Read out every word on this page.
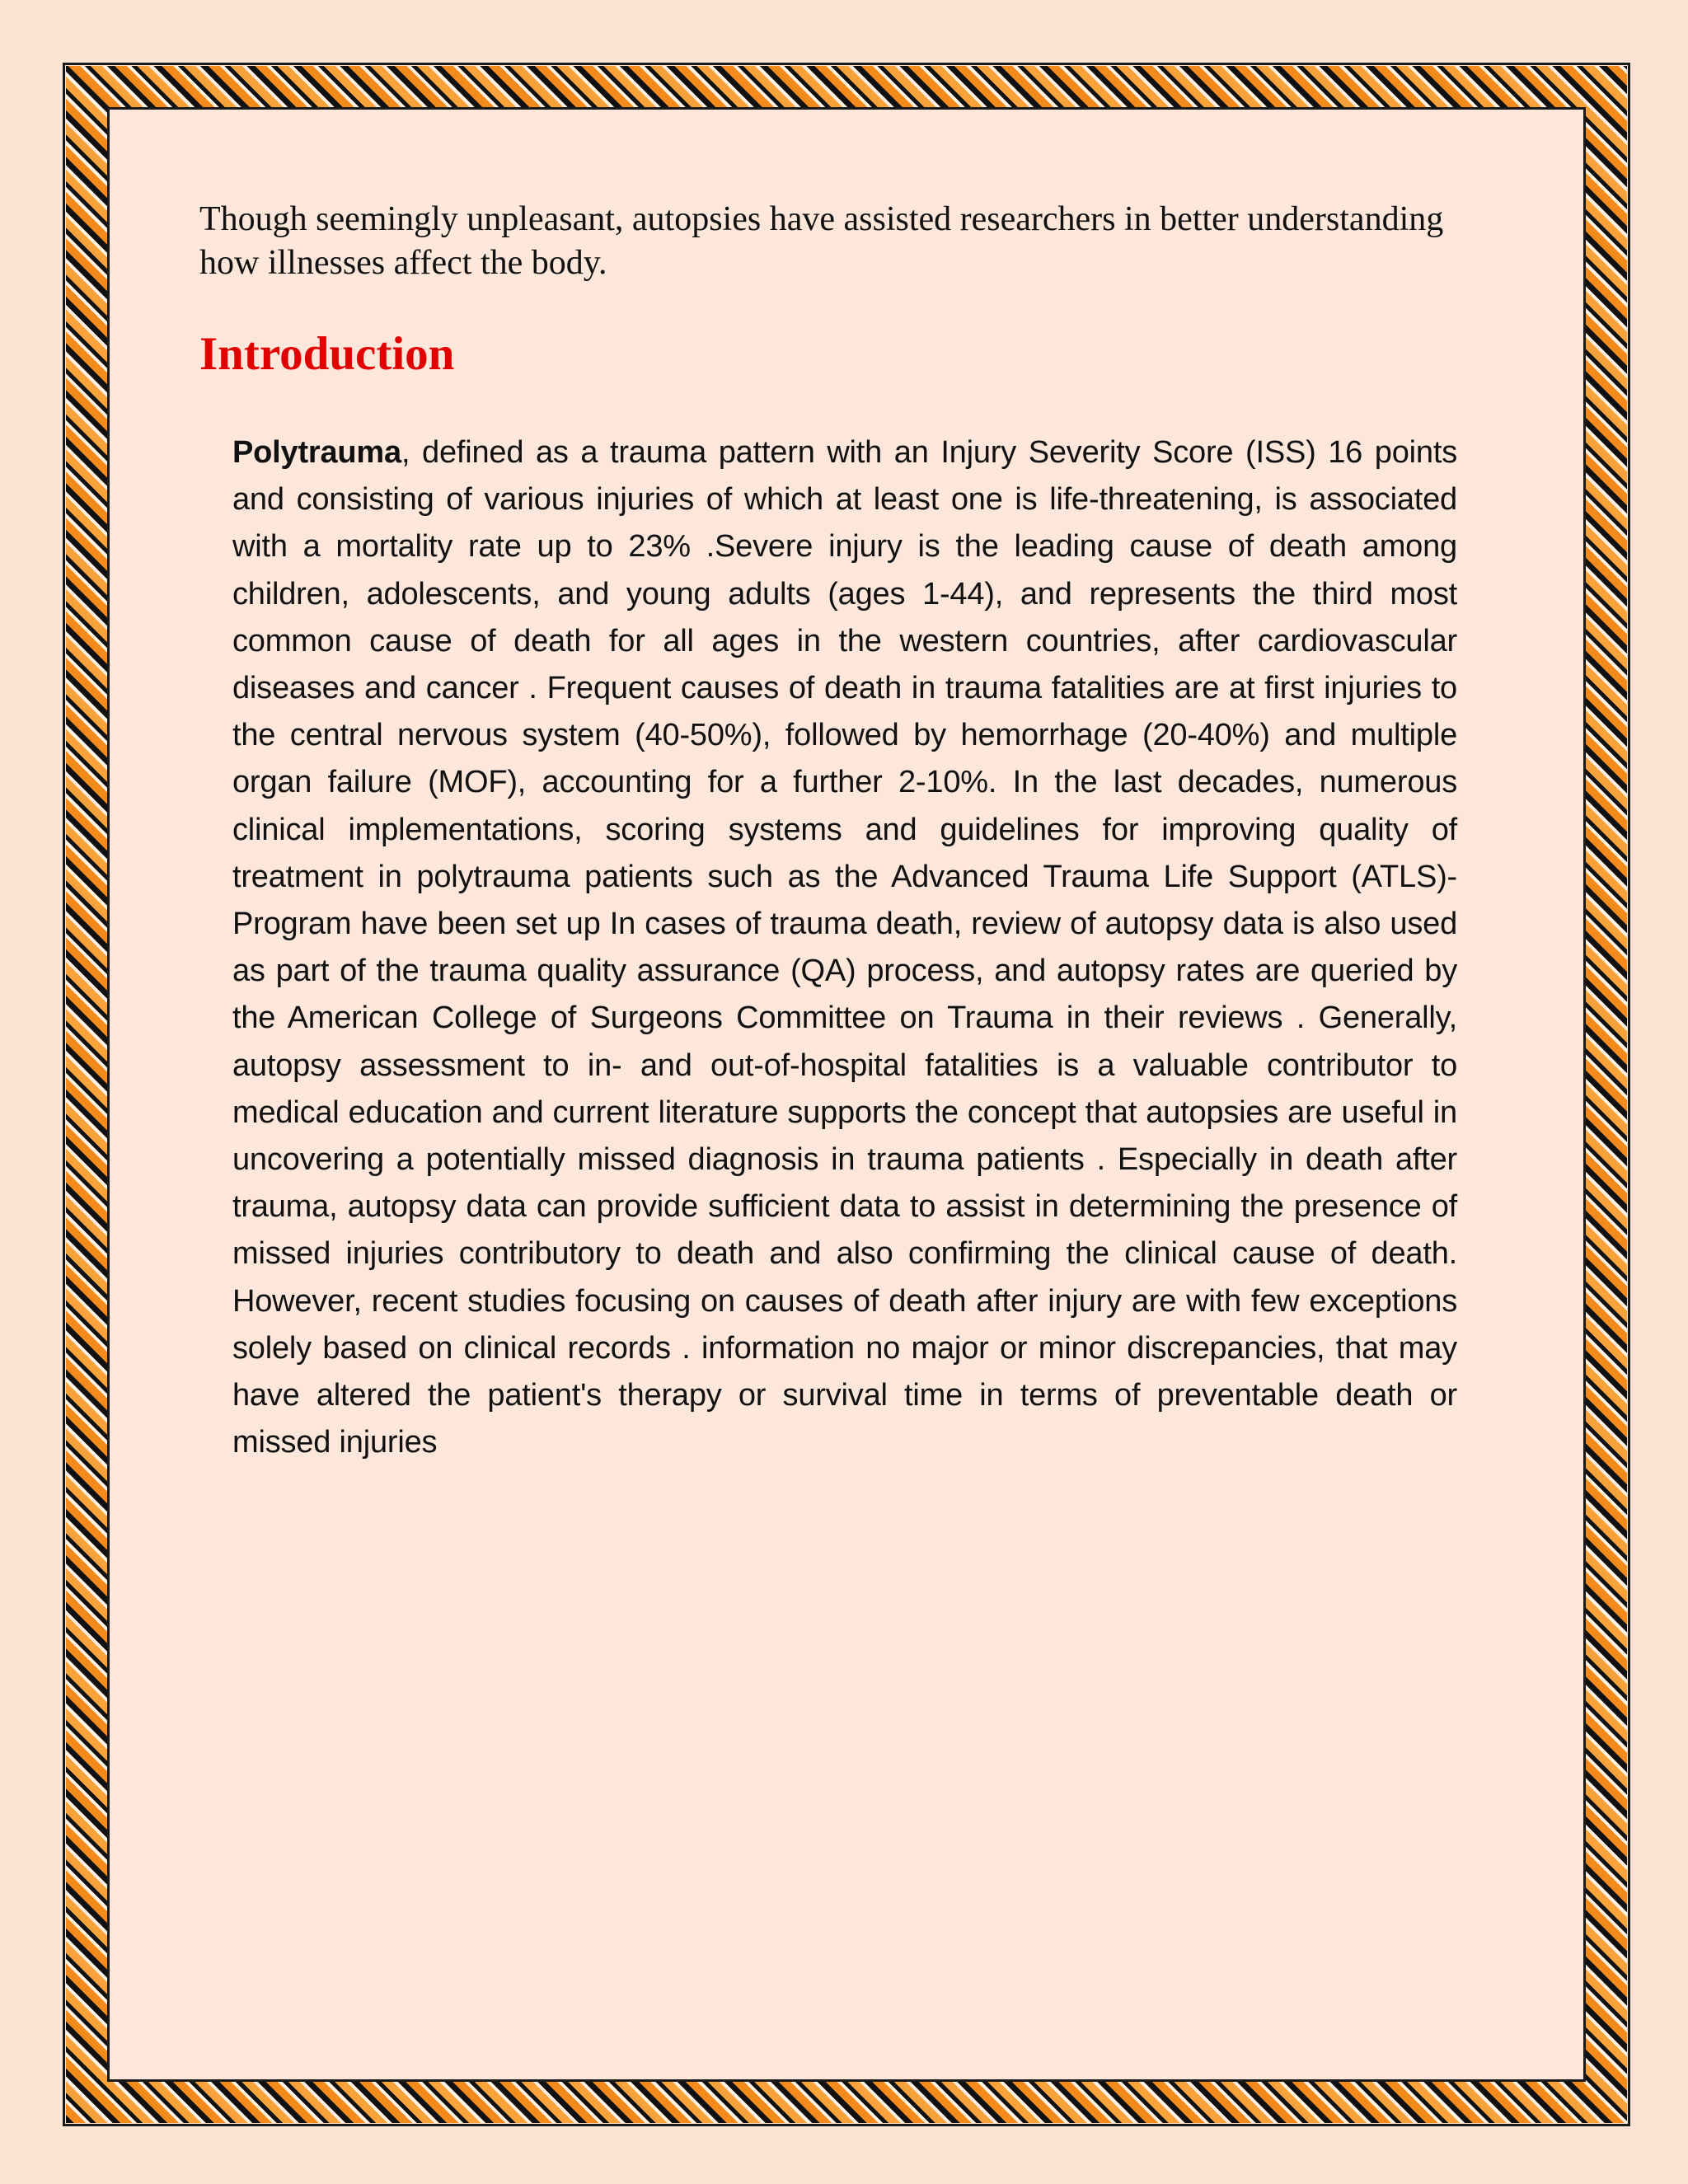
Though seemingly unpleasant, autopsies have assisted researchers in better understanding how illnesses affect the body.

Introduction

Polytrauma, defined as a trauma pattern with an Injury Severity Score (ISS) 16 points and consisting of various injuries of which at least one is life-threatening, is associated with a mortality rate up to 23% .Severe injury is the leading cause of death among children, adolescents, and young adults (ages 1-44), and represents the third most common cause of death for all ages in the western countries, after cardiovascular diseases and cancer . Frequent causes of death in trauma fatalities are at first injuries to the central nervous system (40-50%), followed by hemorrhage (20-40%) and multiple organ failure (MOF), accounting for a further 2-10%. In the last decades, numerous clinical implementations, scoring systems and guidelines for improving quality of treatment in polytrauma patients such as the Advanced Trauma Life Support (ATLS)-Program have been set up In cases of trauma death, review of autopsy data is also used as part of the trauma quality assurance (QA) process, and autopsy rates are queried by the American College of Surgeons Committee on Trauma in their reviews . Generally, autopsy assessment to in- and out-of-hospital fatalities is a valuable contributor to medical education and current literature supports the concept that autopsies are useful in uncovering a potentially missed diagnosis in trauma patients . Especially in death after trauma, autopsy data can provide sufficient data to assist in determining the presence of missed injuries contributory to death and also confirming the clinical cause of death. However, recent studies focusing on causes of death after injury are with few exceptions solely based on clinical records . information no major or minor discrepancies, that may have altered the patient's therapy or survival time in terms of preventable death or missed injuries
